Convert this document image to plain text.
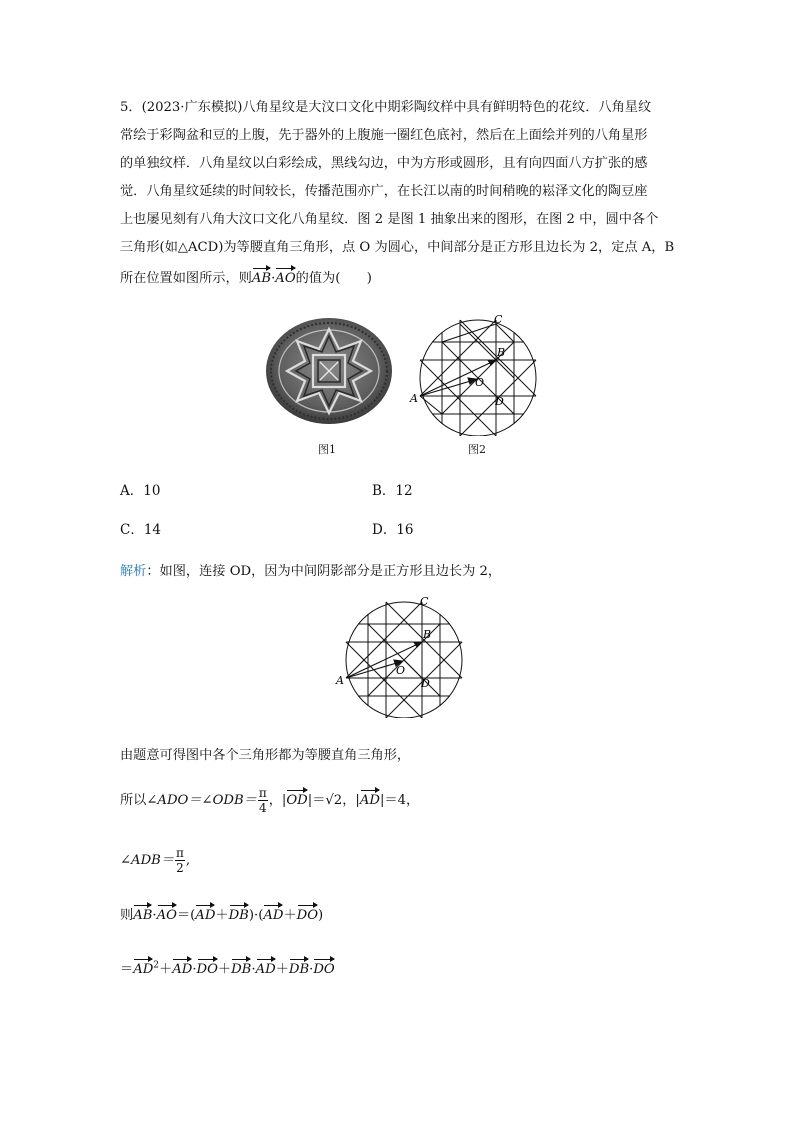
5．(2023·广东模拟)八角星纹是大汶口文化中期彩陶纹样中具有鲜明特色的花纹．八角星纹
常绘于彩陶盆和豆的上腹，先于器外的上腹施一圈红色底衬，然后在上面绘并列的八角星形
的单独纹样．八角星纹以白彩绘成，黑线勾边，中为方形或圆形，且有向四面八方扩张的感
觉．八角星纹延续的时间较长，传播范围亦广，在长江以南的时间稍晚的崧泽文化的陶豆座
上也屡见刻有八角大汶口文化八角星纹．图 2 是图 1 抽象出来的图形，在图 2 中，圆中各个
三角形(如△ACD)为等腰直角三角形，点 O 为圆心，中间部分是正方形且边长为 2，定点 A，B
所在位置如图所示，则AB·AO的值为(　　)
图1
A
B
C
D
O
图2
A．10	B．12
C．14	D．16
解析：如图，连接 OD，因为中间阴影部分是正方形且边长为 2，
A
B
C
D
O
由题意可得图中各个三角形都为等腰直角三角形，
所以∠ADO＝∠ODB＝ $\frac{\pi}{4}$ ，|OD|＝√2，|AD|＝4，
∠ADB＝ $\frac{\pi}{2}$ ,
则AB·AO＝(AD＋DB)·(AD＋DO)
$=AD^2+AD\cdot DO+DB\cdot AD+DB\cdot DO$
